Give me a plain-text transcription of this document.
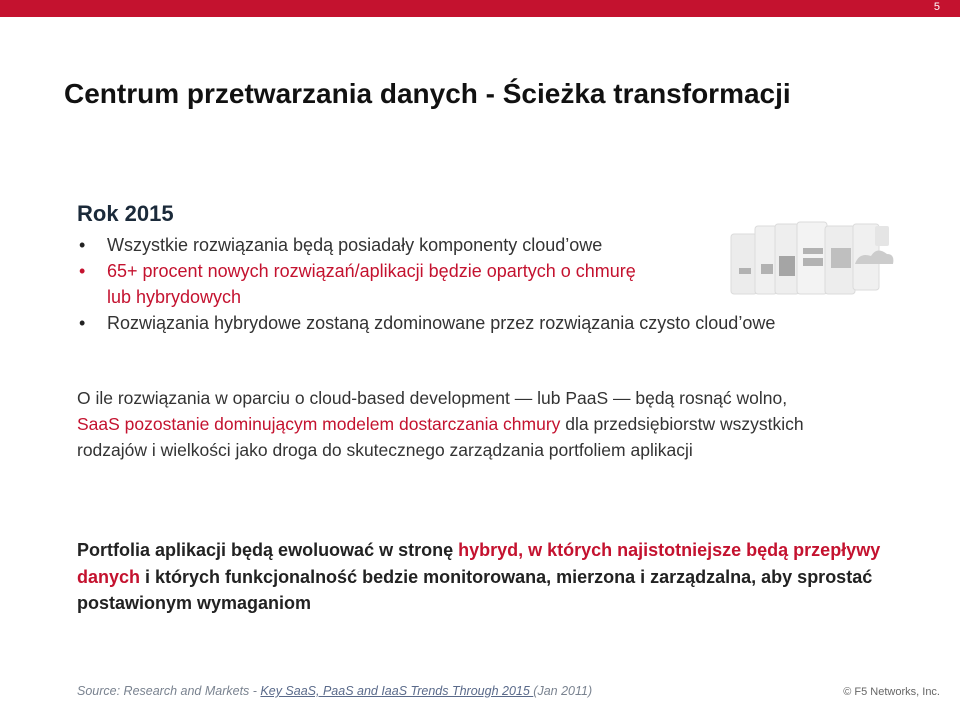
5
Centrum przetwarzania danych - Ścieżka transformacji
Rok 2015
• Wszystkie rozwiązania będą posiadały komponenty cloud’owe
• 65+ procent nowych rozwiązań/aplikacji będzie opartych o chmurę
lub hybrydowych
• Rozwiązania hybrydowe zostaną zdominowane przez rozwiązania czysto cloud’owe

O ile rozwiązania w oparciu o cloud-based development — lub PaaS — będą rosnąć wolno,
SaaS pozostanie dominującym modelem dostarczania chmury dla przedsiębiorstw wszystkich rodzajów i wielkości jako droga do skutecznego zarządzania portfoliem aplikacji

Portfolia aplikacji będą ewoluować w stronę hybryd, w których najistotniejsze będą przepływy danych i których funkcjonalność bedzie monitorowana, mierzona i zarządzalna, aby sprostać postawionym wymaganiom

Source: Research and Markets - Key SaaS, PaaS and IaaS Trends Through 2015 (Jan 2011)	© F5 Networks, Inc.
